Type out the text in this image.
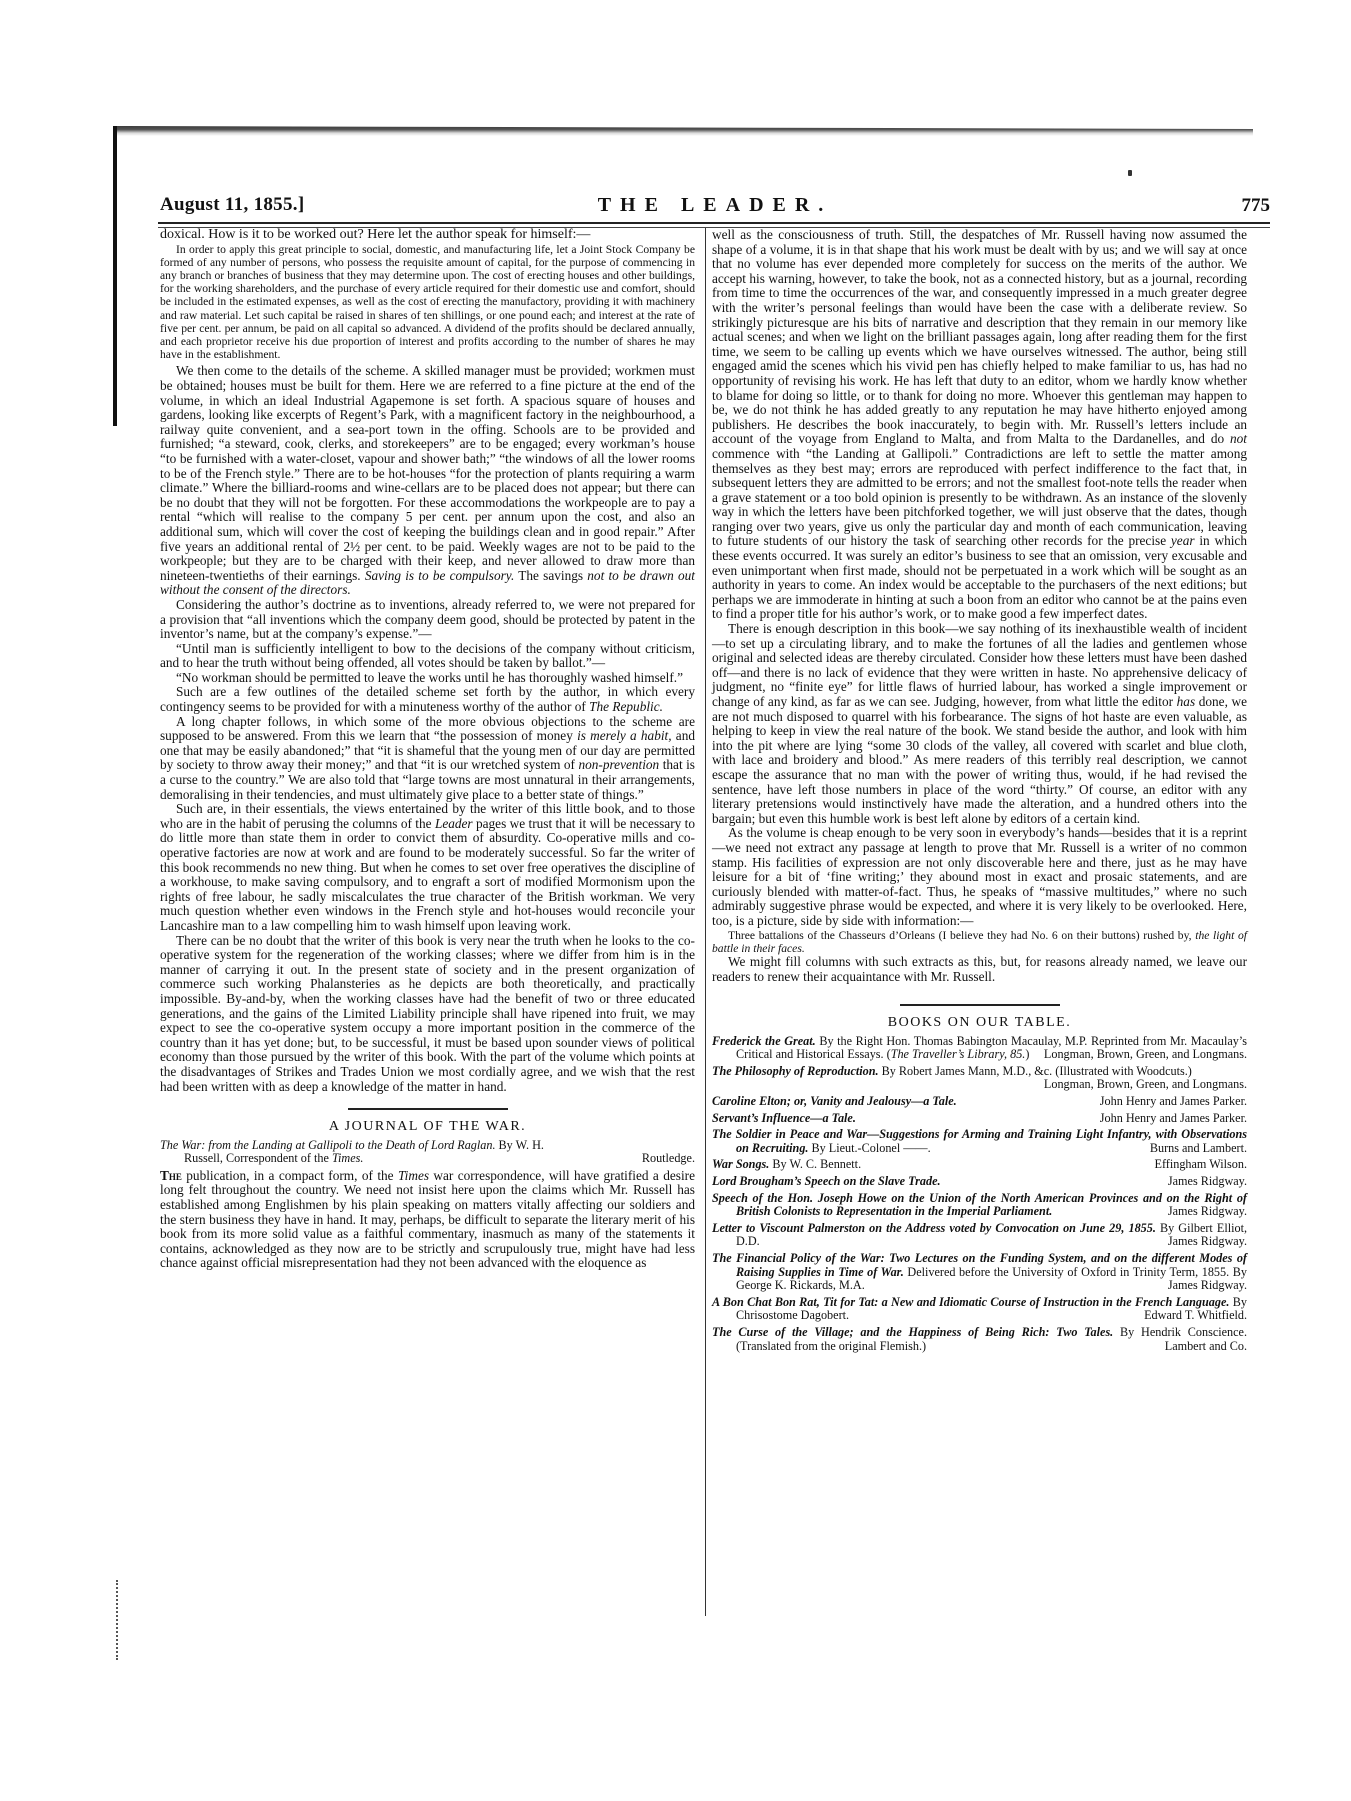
August 11, 1855.]	THE LEADER.	775

doxical. How is it to be worked out? Here let the author speak for himself:—

In order to apply this great principle to social, domestic, and manufacturing life, let a Joint Stock Company be formed of any number of persons, who possess the requisite amount of capital, for the purpose of commencing in any branch or branches of business that they may determine upon. The cost of erecting houses and other buildings, for the working shareholders, and the purchase of every article required for their domestic use and comfort, should be included in the estimated expenses, as well as the cost of erecting the manufactory, providing it with machinery and raw material. Let such capital be raised in shares of ten shillings, or one pound each; and interest at the rate of five per cent. per annum, be paid on all capital so advanced. A dividend of the profits should be declared annually, and each proprietor receive his due proportion of interest and profits according to the number of shares he may have in the establishment.

We then come to the details of the scheme. A skilled manager must be provided; workmen must be obtained; houses must be built for them. Here we are referred to a fine picture at the end of the volume, in which an ideal Industrial Agapemone is set forth. A spacious square of houses and gardens, looking like excerpts of Regent’s Park, with a magnificent factory in the neighbourhood, a railway quite convenient, and a sea-port town in the offing. Schools are to be provided and furnished; “a steward, cook, clerks, and storekeepers” are to be engaged; every workman’s house “to be furnished with a water-closet, vapour and shower bath;” “the windows of all the lower rooms to be of the French style.” There are to be hot-houses “for the protection of plants requiring a warm climate.” Where the billiard-rooms and wine-cellars are to be placed does not appear; but there can be no doubt that they will not be forgotten. For these accommodations the workpeople are to pay a rental “which will realise to the company 5 per cent. per annum upon the cost, and also an additional sum, which will cover the cost of keeping the buildings clean and in good repair.” After five years an additional rental of 2½ per cent. to be paid. Weekly wages are not to be paid to the workpeople; but they are to be charged with their keep, and never allowed to draw more than nineteen-twentieths of their earnings. Saving is to be compulsory. The savings not to be drawn out without the consent of the directors.

Considering the author’s doctrine as to inventions, already referred to, we were not prepared for a provision that “all inventions which the company deem good, should be protected by patent in the inventor’s name, but at the company’s expense.”—

“Until man is sufficiently intelligent to bow to the decisions of the company without criticism, and to hear the truth without being offended, all votes should be taken by ballot.”—

“No workman should be permitted to leave the works until he has thoroughly washed himself.”

Such are a few outlines of the detailed scheme set forth by the author, in which every contingency seems to be provided for with a minuteness worthy of the author of The Republic.

A long chapter follows, in which some of the more obvious objections to the scheme are supposed to be answered. From this we learn that “the possession of money is merely a habit, and one that may be easily abandoned;” that “it is shameful that the young men of our day are permitted by society to throw away their money;” and that “it is our wretched system of non-prevention that is a curse to the country.” We are also told that “large towns are most unnatural in their arrangements, demoralising in their tendencies, and must ultimately give place to a better state of things.”

Such are, in their essentials, the views entertained by the writer of this little book, and to those who are in the habit of perusing the columns of the Leader pages we trust that it will be necessary to do little more than state them in order to convict them of absurdity. Co-operative mills and co-operative factories are now at work and are found to be moderately successful. So far the writer of this book recommends no new thing. But when he comes to set over free operatives the discipline of a workhouse, to make saving compulsory, and to engraft a sort of modified Mormonism upon the rights of free labour, he sadly miscalculates the true character of the British workman. We very much question whether even windows in the French style and hot-houses would reconcile your Lancashire man to a law compelling him to wash himself upon leaving work.

There can be no doubt that the writer of this book is very near the truth when he looks to the co-operative system for the regeneration of the working classes; where we differ from him is in the manner of carrying it out. In the present state of society and in the present organization of commerce such working Phalansteries as he depicts are both theoretically, and practically impossible. By-and-by, when the working classes have had the benefit of two or three educated generations, and the gains of the Limited Liability principle shall have ripened into fruit, we may expect to see the co-operative system occupy a more important position in the commerce of the country than it has yet done; but, to be successful, it must be based upon sounder views of political economy than those pursued by the writer of this book. With the part of the volume which points at the disadvantages of Strikes and Trades Union we most cordially agree, and we wish that the rest had been written with as deep a knowledge of the matter in hand.

A JOURNAL OF THE WAR.
The War: from the Landing at Gallipoli to the Death of Lord Raglan. By W. H.
Russell, Correspondent of the Times.	Routledge.

The publication, in a compact form, of the Times war correspondence, will have gratified a desire long felt throughout the country. We need not insist here upon the claims which Mr. Russell has established among Englishmen by his plain speaking on matters vitally affecting our soldiers and the stern business they have in hand. It may, perhaps, be difficult to separate the literary merit of his book from its more solid value as a faithful commentary, inasmuch as many of the statements it contains, acknowledged as they now are to be strictly and scrupulously true, might have had less chance against official misrepresentation had they not been advanced with the eloquence as

well as the consciousness of truth. Still, the despatches of Mr. Russell having now assumed the shape of a volume, it is in that shape that his work must be dealt with by us; and we will say at once that no volume has ever depended more completely for success on the merits of the author. We accept his warning, however, to take the book, not as a connected history, but as a journal, recording from time to time the occurrences of the war, and consequently impressed in a much greater degree with the writer’s personal feelings than would have been the case with a deliberate review. So strikingly picturesque are his bits of narrative and description that they remain in our memory like actual scenes; and when we light on the brilliant passages again, long after reading them for the first time, we seem to be calling up events which we have ourselves witnessed. The author, being still engaged amid the scenes which his vivid pen has chiefly helped to make familiar to us, has had no opportunity of revising his work. He has left that duty to an editor, whom we hardly know whether to blame for doing so little, or to thank for doing no more. Whoever this gentleman may happen to be, we do not think he has added greatly to any reputation he may have hitherto enjoyed among publishers. He describes the book inaccurately, to begin with. Mr. Russell’s letters include an account of the voyage from England to Malta, and from Malta to the Dardanelles, and do not commence with “the Landing at Gallipoli.” Contradictions are left to settle the matter among themselves as they best may; errors are reproduced with perfect indifference to the fact that, in subsequent letters they are admitted to be errors; and not the smallest foot-note tells the reader when a grave statement or a too bold opinion is presently to be withdrawn. As an instance of the slovenly way in which the letters have been pitchforked together, we will just observe that the dates, though ranging over two years, give us only the particular day and month of each communication, leaving to future students of our history the task of searching other records for the precise year in which these events occurred. It was surely an editor’s business to see that an omission, very excusable and even unimportant when first made, should not be perpetuated in a work which will be sought as an authority in years to come. An index would be acceptable to the purchasers of the next editions; but perhaps we are immoderate in hinting at such a boon from an editor who cannot be at the pains even to find a proper title for his author’s work, or to make good a few imperfect dates.

There is enough description in this book—we say nothing of its inexhaustible wealth of incident—to set up a circulating library, and to make the fortunes of all the ladies and gentlemen whose original and selected ideas are thereby circulated. Consider how these letters must have been dashed off—and there is no lack of evidence that they were written in haste. No apprehensive delicacy of judgment, no “finite eye” for little flaws of hurried labour, has worked a single improvement or change of any kind, as far as we can see. Judging, however, from what little the editor has done, we are not much disposed to quarrel with his forbearance. The signs of hot haste are even valuable, as helping to keep in view the real nature of the book. We stand beside the author, and look with him into the pit where are lying “some 30 clods of the valley, all covered with scarlet and blue cloth, with lace and broidery and blood.” As mere readers of this terribly real description, we cannot escape the assurance that no man with the power of writing thus, would, if he had revised the sentence, have left those numbers in place of the word “thirty.” Of course, an editor with any literary pretensions would instinctively have made the alteration, and a hundred others into the bargain; but even this humble work is best left alone by editors of a certain kind.

As the volume is cheap enough to be very soon in everybody’s hands—besides that it is a reprint—we need not extract any passage at length to prove that Mr. Russell is a writer of no common stamp. His facilities of expression are not only discoverable here and there, just as he may have leisure for a bit of ‘fine writing;’ they abound most in exact and prosaic statements, and are curiously blended with matter-of-fact. Thus, he speaks of “massive multitudes,” where no such admirably suggestive phrase would be expected, and where it is very likely to be overlooked. Here, too, is a picture, side by side with information:—

Three battalions of the Chasseurs d’Orleans (I believe they had No. 6 on their buttons) rushed by, the light of battle in their faces.

We might fill columns with such extracts as this, but, for reasons already named, we leave our readers to renew their acquaintance with Mr. Russell.

BOOKS ON OUR TABLE.
Frederick the Great. By the Right Hon. Thomas Babington Macaulay, M.P. Reprinted from Mr. Macaulay’s Critical and Historical Essays. (The Traveller’s Library, 85.)	Longman, Brown, Green, and Longmans.
The Philosophy of Reproduction. By Robert James Mann, M.D., &c. (Illustrated with Woodcuts.)
Longman, Brown, Green, and Longmans.
Caroline Elton; or, Vanity and Jealousy—a Tale.	John Henry and James Parker.
Servant’s Influence—a Tale.	John Henry and James Parker.
The Soldier in Peace and War—Suggestions for Arming and Training Light Infantry, with Observations on Recruiting. By Lieut.-Colonel ——.	Burns and Lambert.
War Songs. By W. C. Bennett.	Effingham Wilson.
Lord Brougham’s Speech on the Slave Trade.	James Ridgway.
Speech of the Hon. Joseph Howe on the Union of the North American Provinces and on the Right of British Colonists to Representation in the Imperial Parliament.	James Ridgway.
Letter to Viscount Palmerston on the Address voted by Convocation on June 29, 1855. By Gilbert Elliot, D.D.	James Ridgway.
The Financial Policy of the War: Two Lectures on the Funding System, and on the different Modes of Raising Supplies in Time of War. Delivered before the University of Oxford in Trinity Term, 1855. By George K. Rickards, M.A.	James Ridgway.
A Bon Chat Bon Rat, Tit for Tat: a New and Idiomatic Course of Instruction in the French Language. By Chrisostome Dagobert.	Edward T. Whitfield.
The Curse of the Village; and the Happiness of Being Rich: Two Tales. By Hendrik Conscience. (Translated from the original Flemish.)	Lambert and Co.
